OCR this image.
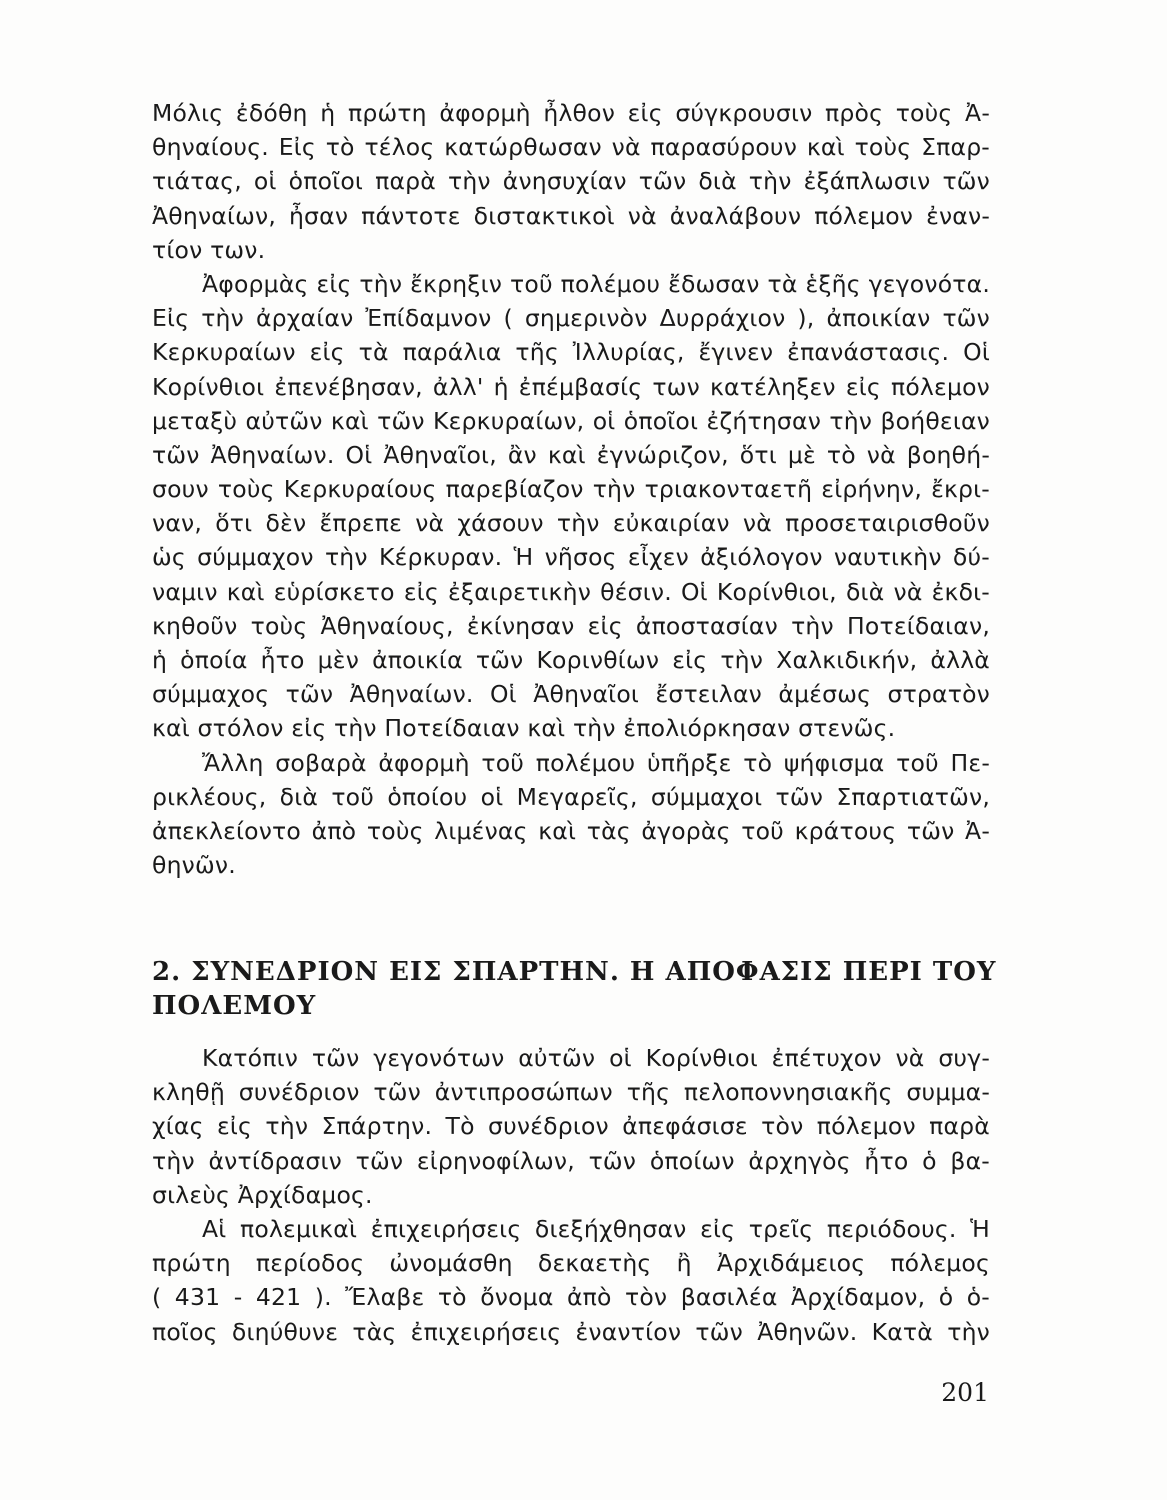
Μόλις ἐδόθη ἡ πρώτη ἀφορμὴ ἦλθον εἰς σύγκρουσιν πρὸς τοὺς Ἀ-
θηναίους. Εἰς τὸ τέλος κατώρθωσαν νὰ παρασύρουν καὶ τοὺς Σπαρ-
τιάτας, οἱ ὁποῖοι παρὰ τὴν ἀνησυχίαν τῶν διὰ τὴν ἐξάπλωσιν τῶν
Ἀθηναίων, ἦσαν πάντοτε διστακτικοὶ νὰ ἀναλάβουν πόλεμον ἐναν-
τίον των.
Ἀφορμὰς εἰς τὴν ἔκρηξιν τοῦ πολέμου ἔδωσαν τὰ ἑξῆς γεγονότα.
Εἰς τὴν ἀρχαίαν Ἐπίδαμνον ( σημερινὸν Δυρράχιον ), ἀποικίαν τῶν
Κερκυραίων εἰς τὰ παράλια τῆς Ἰλλυρίας, ἔγινεν ἐπανάστασις. Οἱ
Κορίνθιοι ἐπενέβησαν, ἀλλ' ἡ ἐπέμβασίς των κατέληξεν εἰς πόλεμον
μεταξὺ αὐτῶν καὶ τῶν Κερκυραίων, οἱ ὁποῖοι ἐζήτησαν τὴν βοήθειαν
τῶν Ἀθηναίων. Οἱ Ἀθηναῖοι, ἂν καὶ ἐγνώριζον, ὅτι μὲ τὸ νὰ βοηθή-
σουν τοὺς Κερκυραίους παρεβίαζον τὴν τριακονταετῆ εἰρήνην, ἔκρι-
ναν, ὅτι δὲν ἔπρεπε νὰ χάσουν τὴν εὐκαιρίαν νὰ προσεταιρισθοῦν
ὡς σύμμαχον τὴν Κέρκυραν. Ἡ νῆσος εἶχεν ἀξιόλογον ναυτικὴν δύ-
ναμιν καὶ εὑρίσκετο εἰς ἐξαιρετικὴν θέσιν. Οἱ Κορίνθιοι, διὰ νὰ ἐκδι-
κηθοῦν τοὺς Ἀθηναίους, ἐκίνησαν εἰς ἀποστασίαν τὴν Ποτείδαιαν,
ἡ ὁποία ἦτο μὲν ἀποικία τῶν Κορινθίων εἰς τὴν Χαλκιδικήν, ἀλλὰ
σύμμαχος τῶν Ἀθηναίων. Οἱ Ἀθηναῖοι ἔστειλαν ἀμέσως στρατὸν
καὶ στόλον εἰς τὴν Ποτείδαιαν καὶ τὴν ἐπολιόρκησαν στενῶς.
Ἄλλη σοβαρὰ ἀφορμὴ τοῦ πολέμου ὑπῆρξε τὸ ψήφισμα τοῦ Πε-
ρικλέους, διὰ τοῦ ὁποίου οἱ Μεγαρεῖς, σύμμαχοι τῶν Σπαρτιατῶν,
ἀπεκλείοντο ἀπὸ τοὺς λιμένας καὶ τὰς ἀγορὰς τοῦ κράτους τῶν Ἀ-
θηνῶν.
2. ΣΥΝΕΔΡΙΟΝ ΕΙΣ ΣΠΑΡΤΗΝ. Η ΑΠΟΦΑΣΙΣ ΠΕΡΙ ΤΟΥ
ΠΟΛΕΜΟΥ
Κατόπιν τῶν γεγονότων αὐτῶν οἱ Κορίνθιοι ἐπέτυχον νὰ συγ-
κληθῇ συνέδριον τῶν ἀντιπροσώπων τῆς πελοποννησιακῆς συμμα-
χίας εἰς τὴν Σπάρτην. Τὸ συνέδριον ἀπεφάσισε τὸν πόλεμον παρὰ
τὴν ἀντίδρασιν τῶν εἰρηνοφίλων, τῶν ὁποίων ἀρχηγὸς ἦτο ὁ βα-
σιλεὺς Ἀρχίδαμος.
Αἱ πολεμικαὶ ἐπιχειρήσεις διεξήχθησαν εἰς τρεῖς περιόδους. Ἡ
πρώτη περίοδος ὠνομάσθη δεκαετὴς ἢ Ἀρχιδάμειος πόλεμος
( 431 - 421 ). Ἔλαβε τὸ ὄνομα ἀπὸ τὸν βασιλέα Ἀρχίδαμον, ὁ ὁ-
ποῖος διηύθυνε τὰς ἐπιχειρήσεις ἐναντίον τῶν Ἀθηνῶν. Κατὰ τὴν
201
